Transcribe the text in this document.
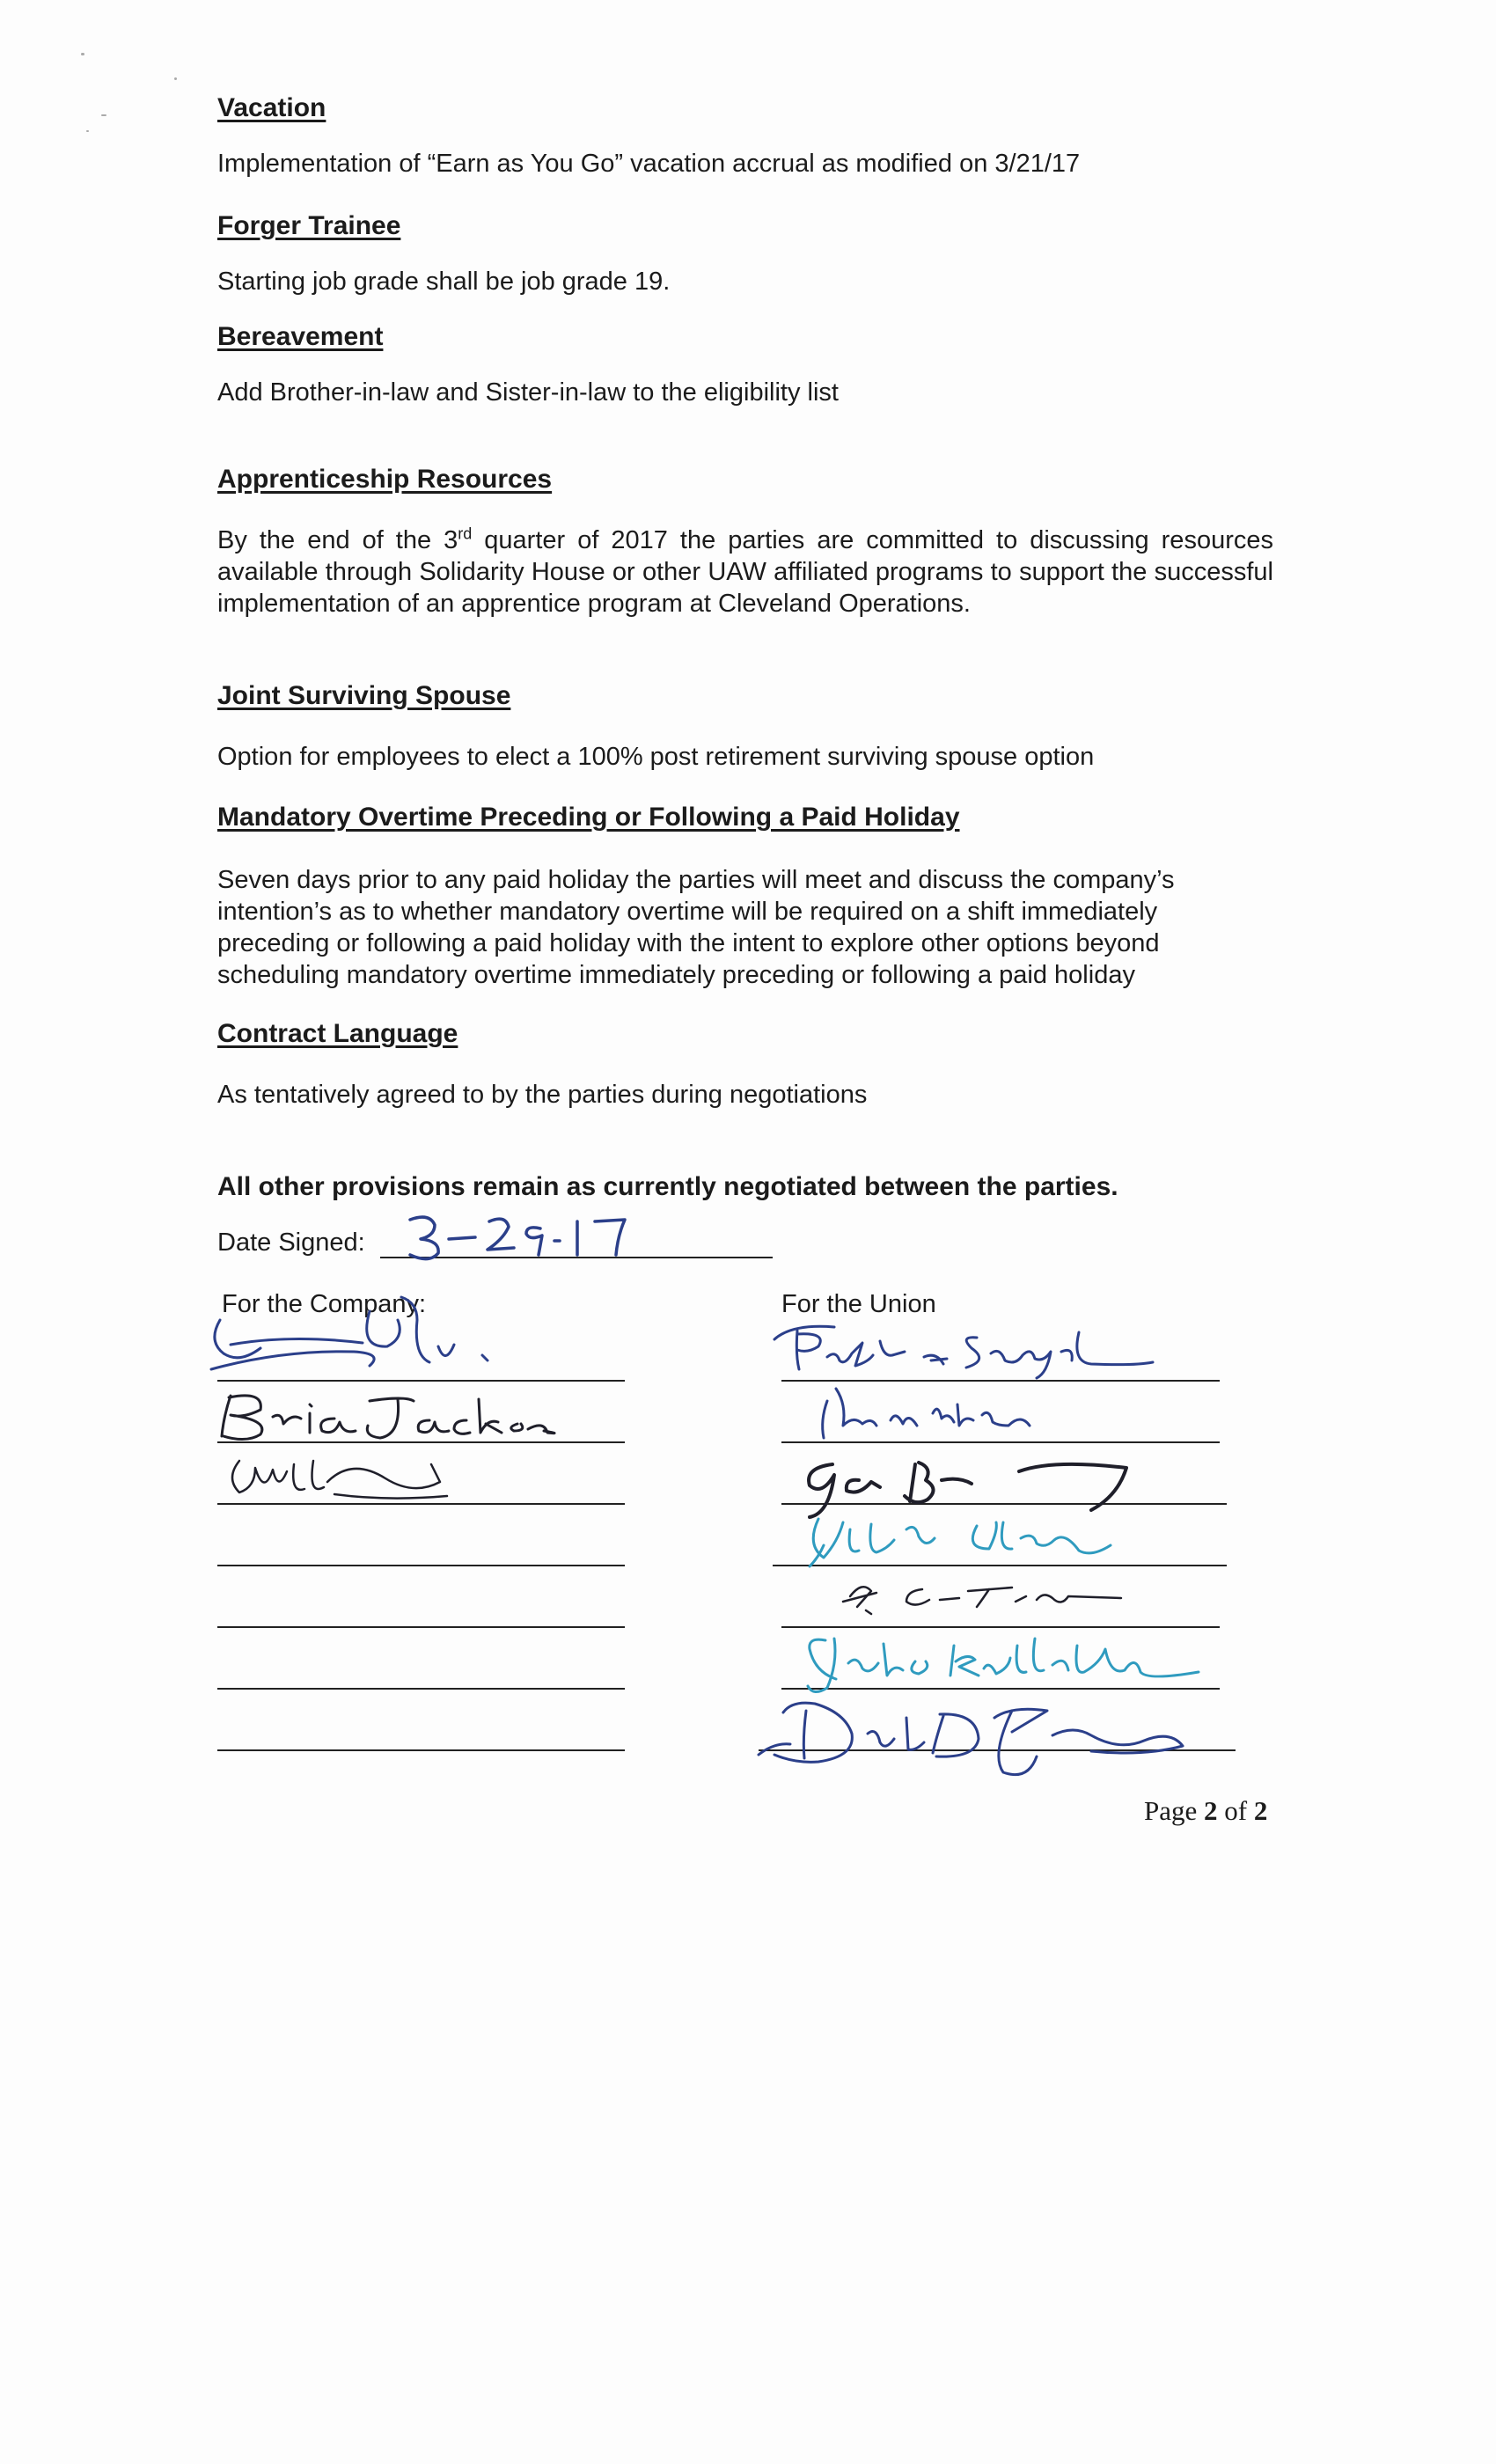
Vacation

Implementation of “Earn as You Go” vacation accrual as modified on 3/21/17

Forger Trainee

Starting job grade shall be job grade 19.

Bereavement

Add Brother-in-law and Sister-in-law to the eligibility list

Apprenticeship Resources

By the end of the 3rd quarter of 2017 the parties are committed to discussing resources available through Solidarity House or other UAW affiliated programs to support the successful implementation of an apprentice program at Cleveland Operations.

Joint Surviving Spouse

Option for employees to elect a 100% post retirement surviving spouse option

Mandatory Overtime Preceding or Following a Paid Holiday

Seven days prior to any paid holiday the parties will meet and discuss the company’s intention’s as to whether mandatory overtime will be required on a shift immediately preceding or following a paid holiday with the intent to explore other options beyond scheduling mandatory overtime immediately preceding or following a paid holiday

Contract Language

As tentatively agreed to by the parties during negotiations

All other provisions remain as currently negotiated between the parties.

Date Signed:

For the Company:	For the Union

Page 2 of 2
